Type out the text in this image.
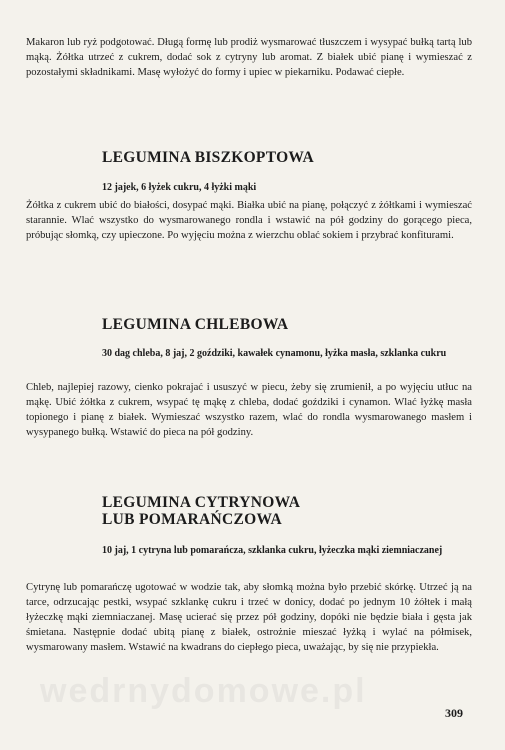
Makaron lub ryż podgotować. Długą formę lub prodiż wysmarować tłuszczem i wysypać bułką tartą lub mąką. Żółtka utrzeć z cukrem, dodać sok z cytryny lub aromat. Z białek ubić pianę i wymieszać z pozostałymi składnikami. Masę wyłożyć do formy i upiec w piekarniku. Podawać ciepłe.

LEGUMINA BISZKOPTOWA

12 jajek, 6 łyżek cukru, 4 łyżki mąki

Żółtka z cukrem ubić do białości, dosypać mąki. Białka ubić na pianę, połączyć z żółtkami i wymieszać starannie. Wlać wszystko do wysmarowanego rondla i wstawić na pół godziny do gorącego pieca, próbując słomką, czy upieczone. Po wyjęciu można z wierzchu oblać sokiem i przybrać konfiturami.

LEGUMINA CHLEBOWA

30 dag chleba, 8 jaj, 2 goździki, kawałek cynamonu, łyżka masła, szklanka cukru

Chleb, najlepiej razowy, cienko pokrajać i ususzyć w piecu, żeby się zrumienił, a po wyjęciu utłuc na mąkę. Ubić żółtka z cukrem, wsypać tę mąkę z chleba, dodać goździki i cynamon. Wlać łyżkę masła topionego i pianę z białek. Wymieszać wszystko razem, wlać do rondla wysmarowanego masłem i wysypanego bułką. Wstawić do pieca na pół godziny.

LEGUMINA CYTRYNOWA
LUB POMARAŃCZOWA

10 jaj, 1 cytryna lub pomarańcza, szklanka cukru, łyżeczka mąki ziemniaczanej

Cytrynę lub pomarańczę ugotować w wodzie tak, aby słomką można było przebić skórkę. Utrzeć ją na tarce, odrzucając pestki, wsypać szklankę cukru i trzeć w donicy, dodać po jednym 10 żółtek i małą łyżeczkę mąki ziemniaczanej. Masę ucierać się przez pół godziny, dopóki nie będzie biała i gęsta jak śmietana. Następnie dodać ubitą pianę z białek, ostrożnie mieszać łyżką i wylać na półmisek, wysmarowany masłem. Wstawić na kwadrans do ciepłego pieca, uważając, by się nie przypiekła.

wedrnydomowe.pl
309
